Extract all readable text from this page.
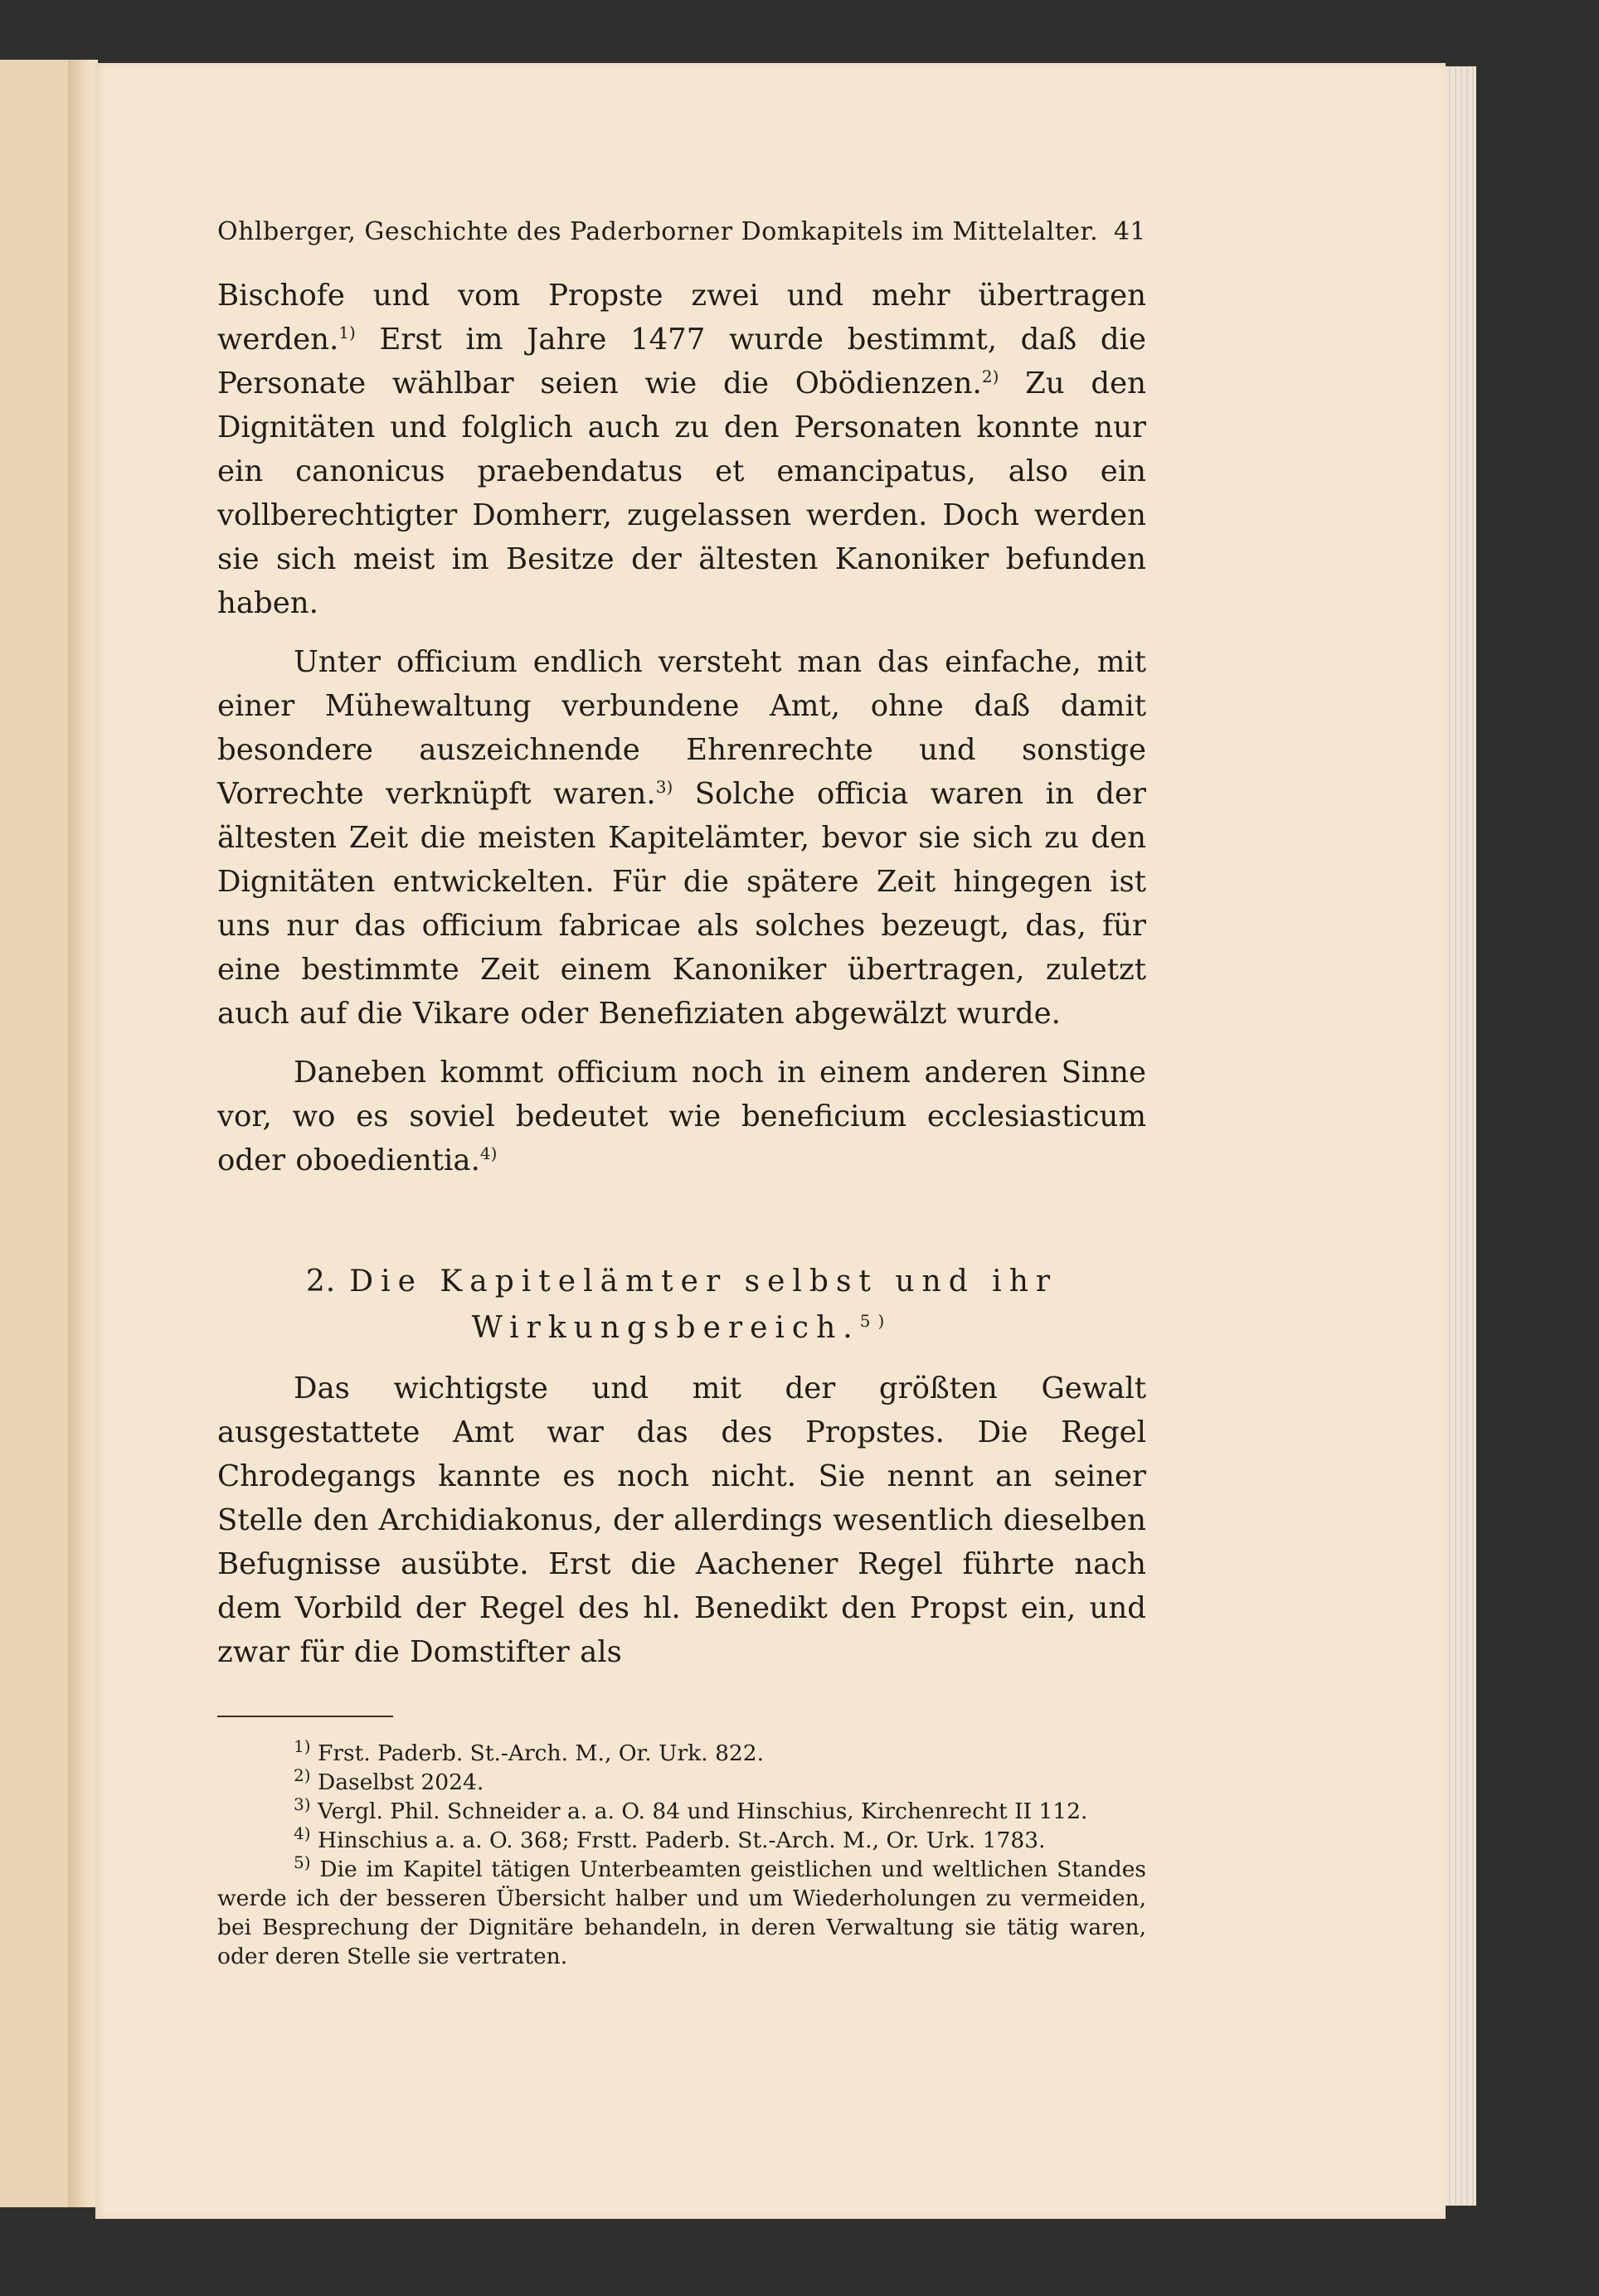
Ohlberger, Geschichte des Paderborner Domkapitels im Mittelalter. 41

Bischofe und vom Propste zwei und mehr übertragen werden.$^{1)}$ Erst im Jahre 1477 wurde bestimmt, daß die Personate wählbar seien wie die Obödienzen.$^{2)}$ Zu den Dignitäten und folglich auch zu den Personaten konnte nur ein canonicus praebendatus et emancipatus, also ein vollberechtigter Domherr, zugelassen werden. Doch werden sie sich meist im Besitze der ältesten Kanoniker befunden haben.

Unter officium endlich versteht man das einfache, mit einer Mühewaltung verbundene Amt, ohne daß damit besondere auszeichnende Ehrenrechte und sonstige Vorrechte verknüpft waren.$^{3)}$ Solche officia waren in der ältesten Zeit die meisten Kapitelämter, bevor sie sich zu den Dignitäten entwickelten. Für die spätere Zeit hingegen ist uns nur das officium fabricae als solches bezeugt, das, für eine bestimmte Zeit einem Kanoniker übertragen, zuletzt auch auf die Vikare oder Benefiziaten abgewälzt wurde.

Daneben kommt officium noch in einem anderen Sinne vor, wo es soviel bedeutet wie beneficium ecclesiasticum oder oboedientia.$^{4)}$

2. Die Kapitelämter selbst und ihr Wirkungsbereich.$^{5)}$

Das wichtigste und mit der größten Gewalt ausgestattete Amt war das des Propstes. Die Regel Chrodegangs kannte es noch nicht. Sie nennt an seiner Stelle den Archidiakonus, der allerdings wesentlich dieselben Befugnisse ausübte. Erst die Aachener Regel führte nach dem Vorbild der Regel des hl. Benedikt den Propst ein, und zwar für die Domstifter als

$^{1)}$ Frst. Paderb. St.-Arch. M., Or. Urk. 822.

$^{2)}$ Daselbst 2024.

$^{3)}$ Vergl. Phil. Schneider a. a. O. 84 und Hinschius, Kirchenrecht II 112.

$^{4)}$ Hinschius a. a. O. 368; Frstt. Paderb. St.-Arch. M., Or. Urk. 1783.

$^{5)}$ Die im Kapitel tätigen Unterbeamten geistlichen und weltlichen Standes werde ich der besseren Übersicht halber und um Wiederholungen zu vermeiden, bei Besprechung der Dignitäre behandeln, in deren Verwaltung sie tätig waren, oder deren Stelle sie vertraten.
